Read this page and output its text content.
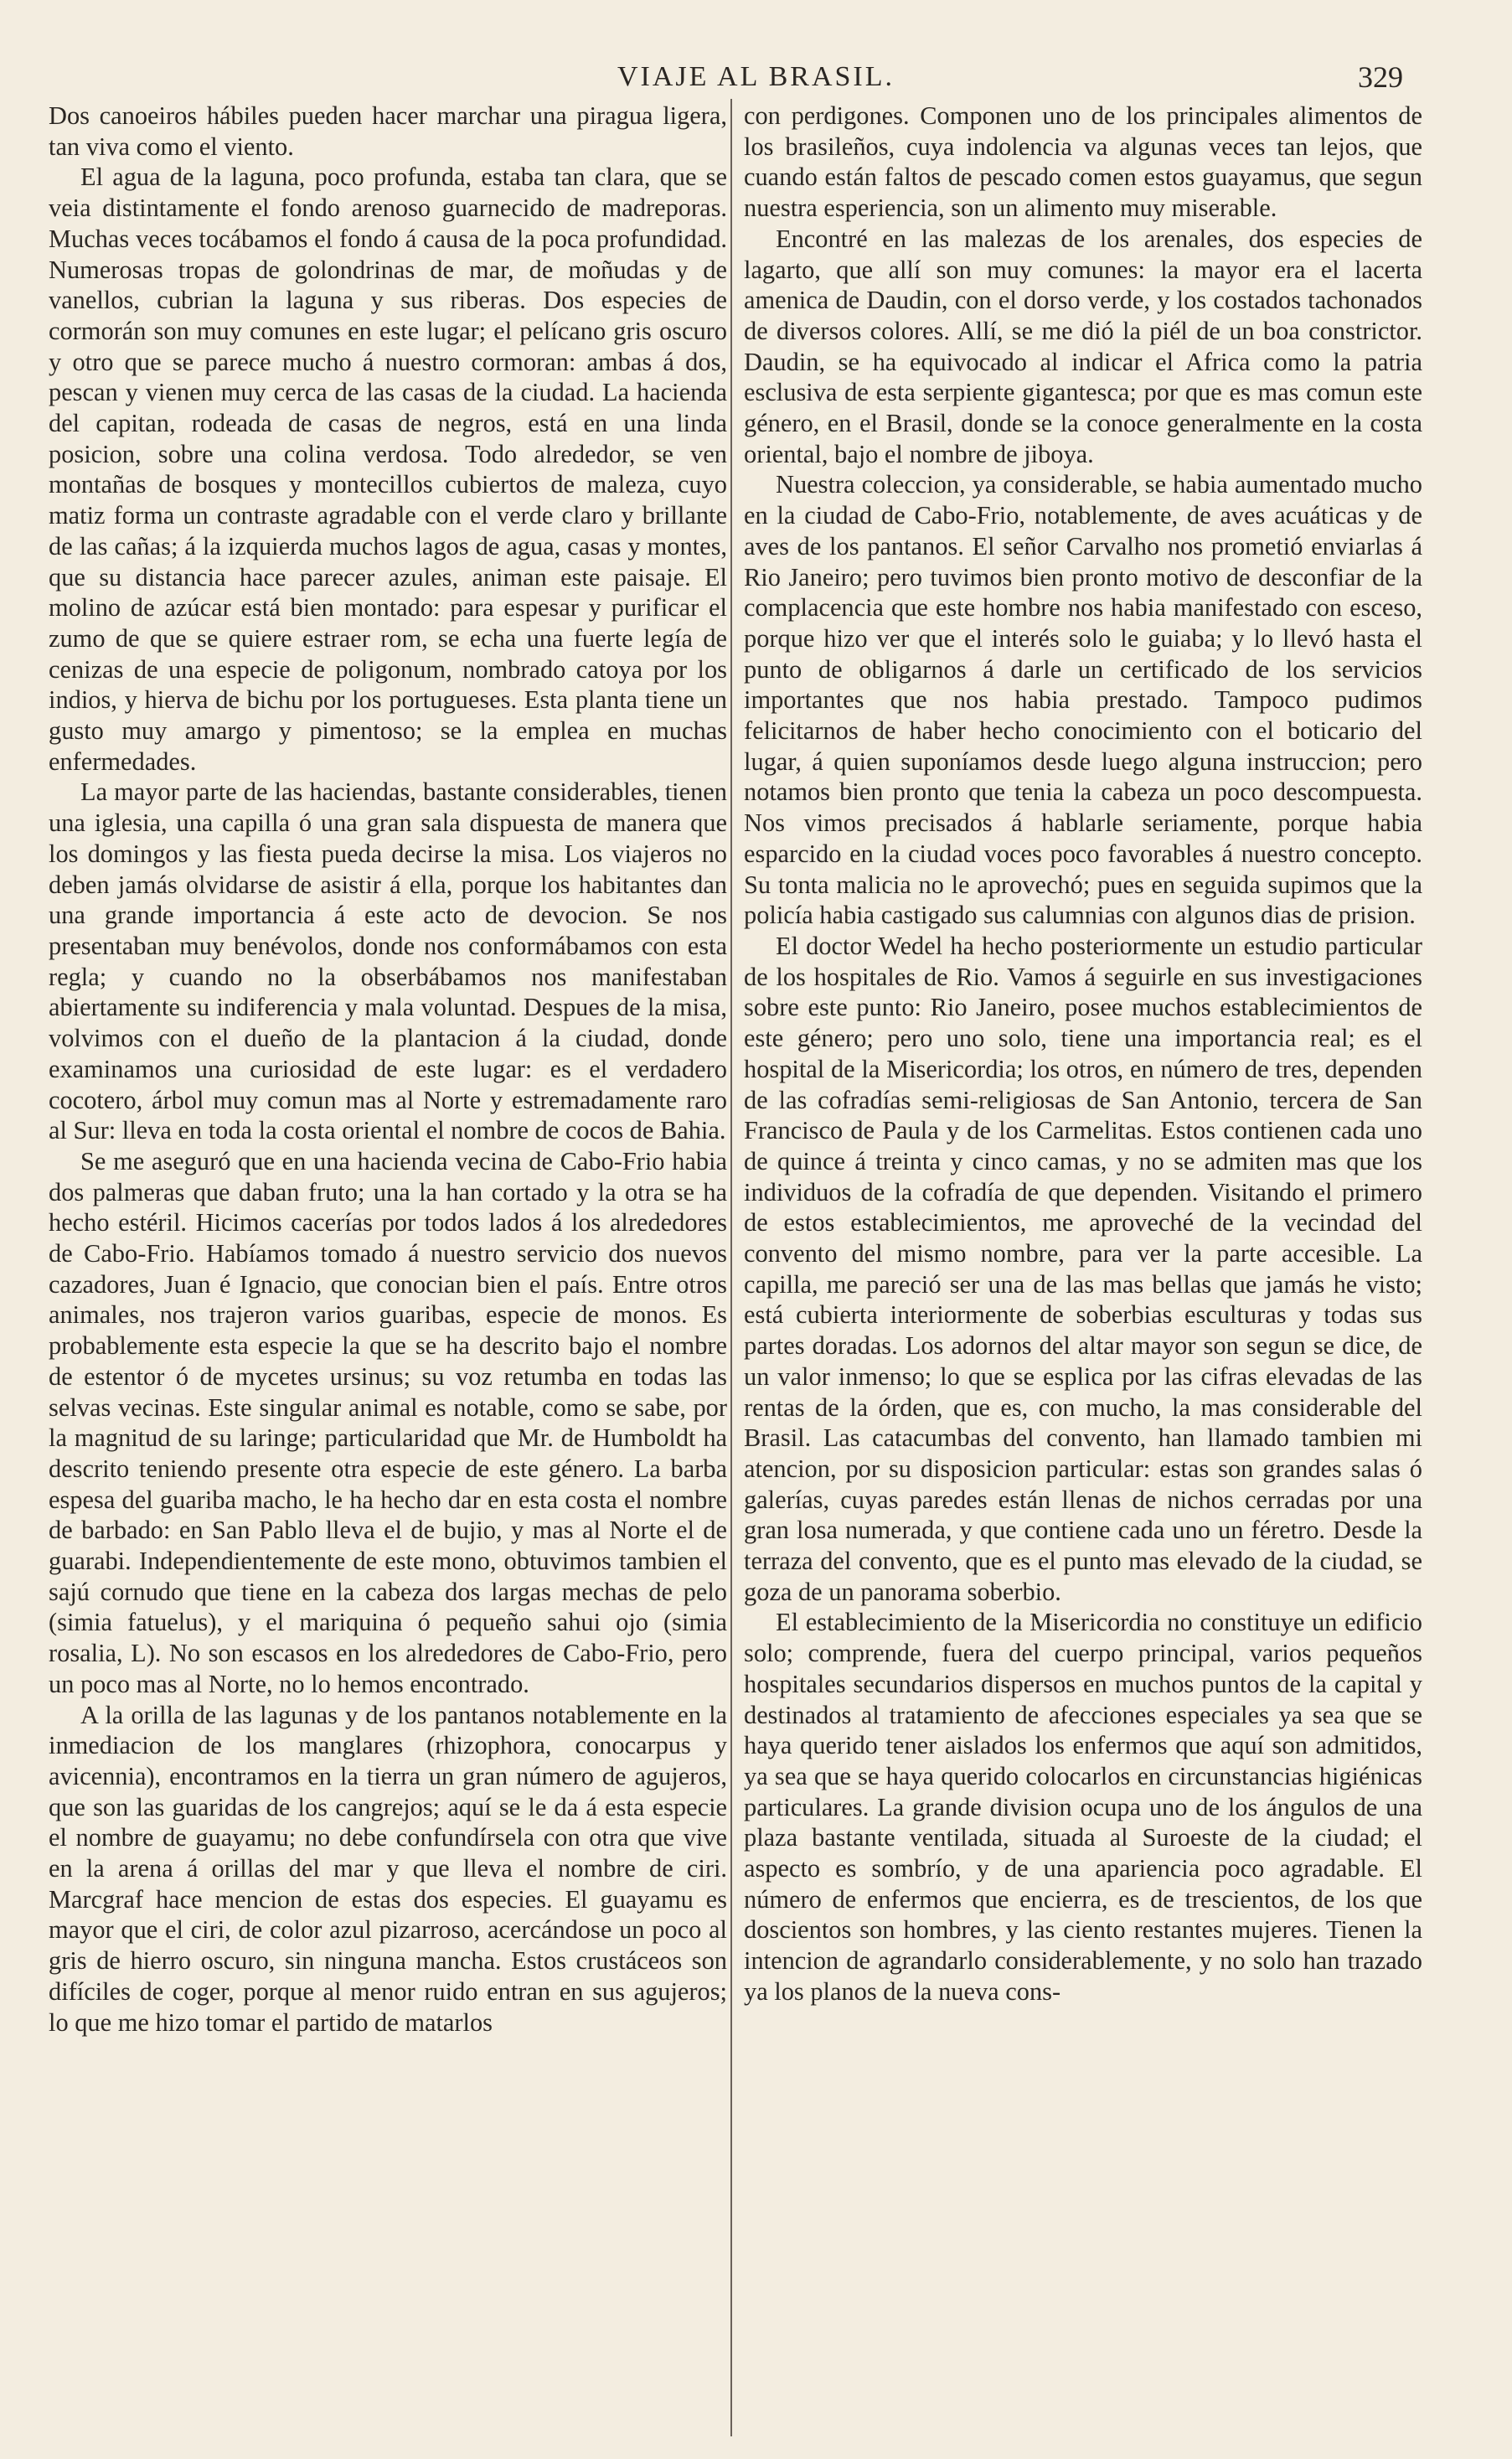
VIAJE AL BRASIL.	329

Dos canoeiros hábiles pueden hacer marchar una piragua ligera, tan viva como el viento.

El agua de la laguna, poco profunda, estaba tan clara, que se veia distintamente el fondo arenoso guarnecido de madreporas. Muchas veces tocábamos el fondo á causa de la poca profundidad. Numerosas tropas de golondrinas de mar, de moñudas y de vanellos, cubrian la laguna y sus riberas. Dos especies de cormorán son muy comunes en este lugar; el pelícano gris oscuro y otro que se parece mucho á nuestro cormoran: ambas á dos, pescan y vienen muy cerca de las casas de la ciudad. La hacienda del capitan, rodeada de casas de negros, está en una linda posicion, sobre una colina verdosa. Todo alrededor, se ven montañas de bosques y montecillos cubiertos de maleza, cuyo matiz forma un contraste agradable con el verde claro y brillante de las cañas; á la izquierda muchos lagos de agua, casas y montes, que su distancia hace parecer azules, animan este paisaje. El molino de azúcar está bien montado: para espesar y purificar el zumo de que se quiere estraer rom, se echa una fuerte legía de cenizas de una especie de poligonum, nombrado catoya por los indios, y hierva de bichu por los portugueses. Esta planta tiene un gusto muy amargo y pimentoso; se la emplea en muchas enfermedades.

La mayor parte de las haciendas, bastante considerables, tienen una iglesia, una capilla ó una gran sala dispuesta de manera que los domingos y las fiesta pueda decirse la misa. Los viajeros no deben jamás olvidarse de asistir á ella, porque los habitantes dan una grande importancia á este acto de devocion. Se nos presentaban muy benévolos, donde nos conformábamos con esta regla; y cuando no la obserbábamos nos manifestaban abiertamente su indiferencia y mala voluntad. Despues de la misa, volvimos con el dueño de la plantacion á la ciudad, donde examinamos una curiosidad de este lugar: es el verdadero cocotero, árbol muy comun mas al Norte y estremadamente raro al Sur: lleva en toda la costa oriental el nombre de cocos de Bahia.

Se me aseguró que en una hacienda vecina de Cabo-Frio habia dos palmeras que daban fruto; una la han cortado y la otra se ha hecho estéril. Hicimos cacerías por todos lados á los alrededores de Cabo-Frio. Habíamos tomado á nuestro servicio dos nuevos cazadores, Juan é Ignacio, que conocian bien el país. Entre otros animales, nos trajeron varios guaribas, especie de monos. Es probablemente esta especie la que se ha descrito bajo el nombre de estentor ó de mycetes ursinus; su voz retumba en todas las selvas vecinas. Este singular animal es notable, como se sabe, por la magnitud de su laringe; particularidad que Mr. de Humboldt ha descrito teniendo presente otra especie de este género. La barba espesa del guariba macho, le ha hecho dar en esta costa el nombre de barbado: en San Pablo lleva el de bujio, y mas al Norte el de guarabi. Independientemente de este mono, obtuvimos tambien el sajú cornudo que tiene en la cabeza dos largas mechas de pelo (simia fatuelus), y el mariquina ó pequeño sahui ojo (simia rosalia, L). No son escasos en los alrededores de Cabo-Frio, pero un poco mas al Norte, no lo hemos encontrado.

A la orilla de las lagunas y de los pantanos notablemente en la inmediacion de los manglares (rhizophora, conocarpus y avicennia), encontramos en la tierra un gran número de agujeros, que son las guaridas de los cangrejos; aquí se le da á esta especie el nombre de guayamu; no debe confundírsela con otra que vive en la arena á orillas del mar y que lleva el nombre de ciri. Marcgraf hace mencion de estas dos especies. El guayamu es mayor que el ciri, de color azul pizarroso, acercándose un poco al gris de hierro oscuro, sin ninguna mancha. Estos crustáceos son difíciles de coger, porque al menor ruido entran en sus agujeros; lo que me hizo tomar el partido de matarlos

con perdigones. Componen uno de los principales alimentos de los brasileños, cuya indolencia va algunas veces tan lejos, que cuando están faltos de pescado comen estos guayamus, que segun nuestra esperiencia, son un alimento muy miserable.

Encontré en las malezas de los arenales, dos especies de lagarto, que allí son muy comunes: la mayor era el lacerta amenica de Daudin, con el dorso verde, y los costados tachonados de diversos colores. Allí, se me dió la piél de un boa constrictor. Daudin, se ha equivocado al indicar el Africa como la patria esclusiva de esta serpiente gigantesca; por que es mas comun este género, en el Brasil, donde se la conoce generalmente en la costa oriental, bajo el nombre de jiboya.

Nuestra coleccion, ya considerable, se habia aumentado mucho en la ciudad de Cabo-Frio, notablemente, de aves acuáticas y de aves de los pantanos. El señor Carvalho nos prometió enviarlas á Rio Janeiro; pero tuvimos bien pronto motivo de desconfiar de la complacencia que este hombre nos habia manifestado con esceso, porque hizo ver que el interés solo le guiaba; y lo llevó hasta el punto de obligarnos á darle un certificado de los servicios importantes que nos habia prestado. Tampoco pudimos felicitarnos de haber hecho conocimiento con el boticario del lugar, á quien suponíamos desde luego alguna instruccion; pero notamos bien pronto que tenia la cabeza un poco descompuesta. Nos vimos precisados á hablarle seriamente, porque habia esparcido en la ciudad voces poco favorables á nuestro concepto. Su tonta malicia no le aprovechó; pues en seguida supimos que la policía habia castigado sus calumnias con algunos dias de prision.

El doctor Wedel ha hecho posteriormente un estudio particular de los hospitales de Rio. Vamos á seguirle en sus investigaciones sobre este punto: Rio Janeiro, posee muchos establecimientos de este género; pero uno solo, tiene una importancia real; es el hospital de la Misericordia; los otros, en número de tres, dependen de las cofradías semi-religiosas de San Antonio, tercera de San Francisco de Paula y de los Carmelitas. Estos contienen cada uno de quince á treinta y cinco camas, y no se admiten mas que los individuos de la cofradía de que dependen. Visitando el primero de estos establecimientos, me aproveché de la vecindad del convento del mismo nombre, para ver la parte accesible. La capilla, me pareció ser una de las mas bellas que jamás he visto; está cubierta interiormente de soberbias esculturas y todas sus partes doradas. Los adornos del altar mayor son segun se dice, de un valor inmenso; lo que se esplica por las cifras elevadas de las rentas de la órden, que es, con mucho, la mas considerable del Brasil. Las catacumbas del convento, han llamado tambien mi atencion, por su disposicion particular: estas son grandes salas ó galerías, cuyas paredes están llenas de nichos cerradas por una gran losa numerada, y que contiene cada uno un féretro. Desde la terraza del convento, que es el punto mas elevado de la ciudad, se goza de un panorama soberbio.

El establecimiento de la Misericordia no constituye un edificio solo; comprende, fuera del cuerpo principal, varios pequeños hospitales secundarios dispersos en muchos puntos de la capital y destinados al tratamiento de afecciones especiales ya sea que se haya querido tener aislados los enfermos que aquí son admitidos, ya sea que se haya querido colocarlos en circunstancias higiénicas particulares. La grande division ocupa uno de los ángulos de una plaza bastante ventilada, situada al Suroeste de la ciudad; el aspecto es sombrío, y de una apariencia poco agradable. El número de enfermos que encierra, es de trescientos, de los que doscientos son hombres, y las ciento restantes mujeres. Tienen la intencion de agrandarlo considerablemente, y no solo han trazado ya los planos de la nueva cons-
